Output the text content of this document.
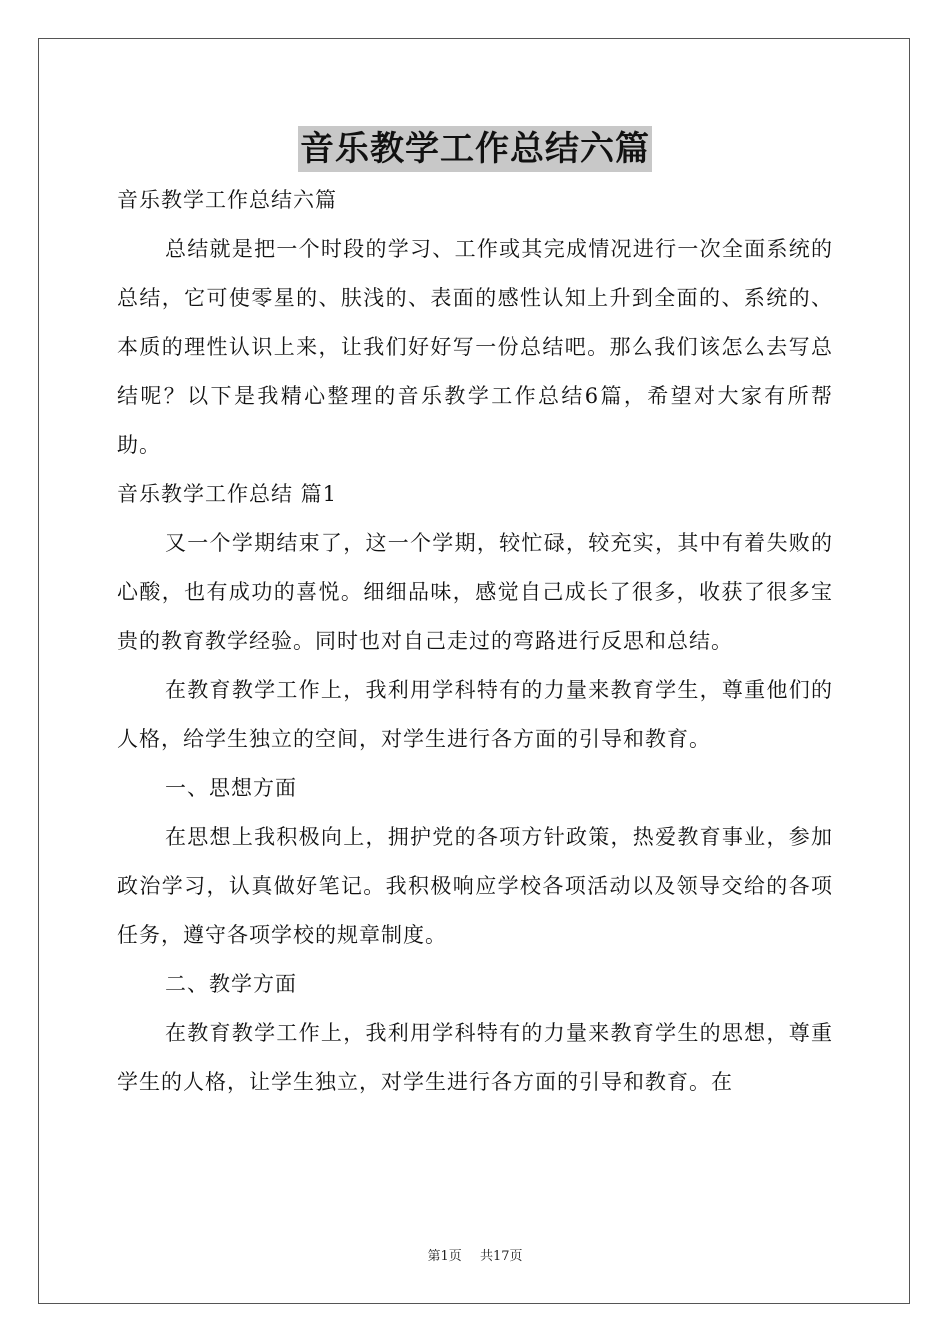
音乐教学工作总结六篇

音乐教学工作总结六篇

总结就是把一个时段的学习、工作或其完成情况进行一次全面系统的总结，它可使零星的、肤浅的、表面的感性认知上升到全面的、系统的、本质的理性认识上来，让我们好好写一份总结吧。那么我们该怎么去写总结呢？以下是我精心整理的音乐教学工作总结6篇，希望对大家有所帮助。

音乐教学工作总结 篇1

又一个学期结束了，这一个学期，较忙碌，较充实，其中有着失败的心酸，也有成功的喜悦。细细品味，感觉自己成长了很多，收获了很多宝贵的教育教学经验。同时也对自己走过的弯路进行反思和总结。

在教育教学工作上，我利用学科特有的力量来教育学生，尊重他们的人格，给学生独立的空间，对学生进行各方面的引导和教育。

一、思想方面

在思想上我积极向上，拥护党的各项方针政策，热爱教育事业，参加政治学习，认真做好笔记。我积极响应学校各项活动以及领导交给的各项任务，遵守各项学校的规章制度。

二、教学方面

在教育教学工作上，我利用学科特有的力量来教育学生的思想，尊重学生的人格，让学生独立，对学生进行各方面的引导和教育。在

第1页 共17页
